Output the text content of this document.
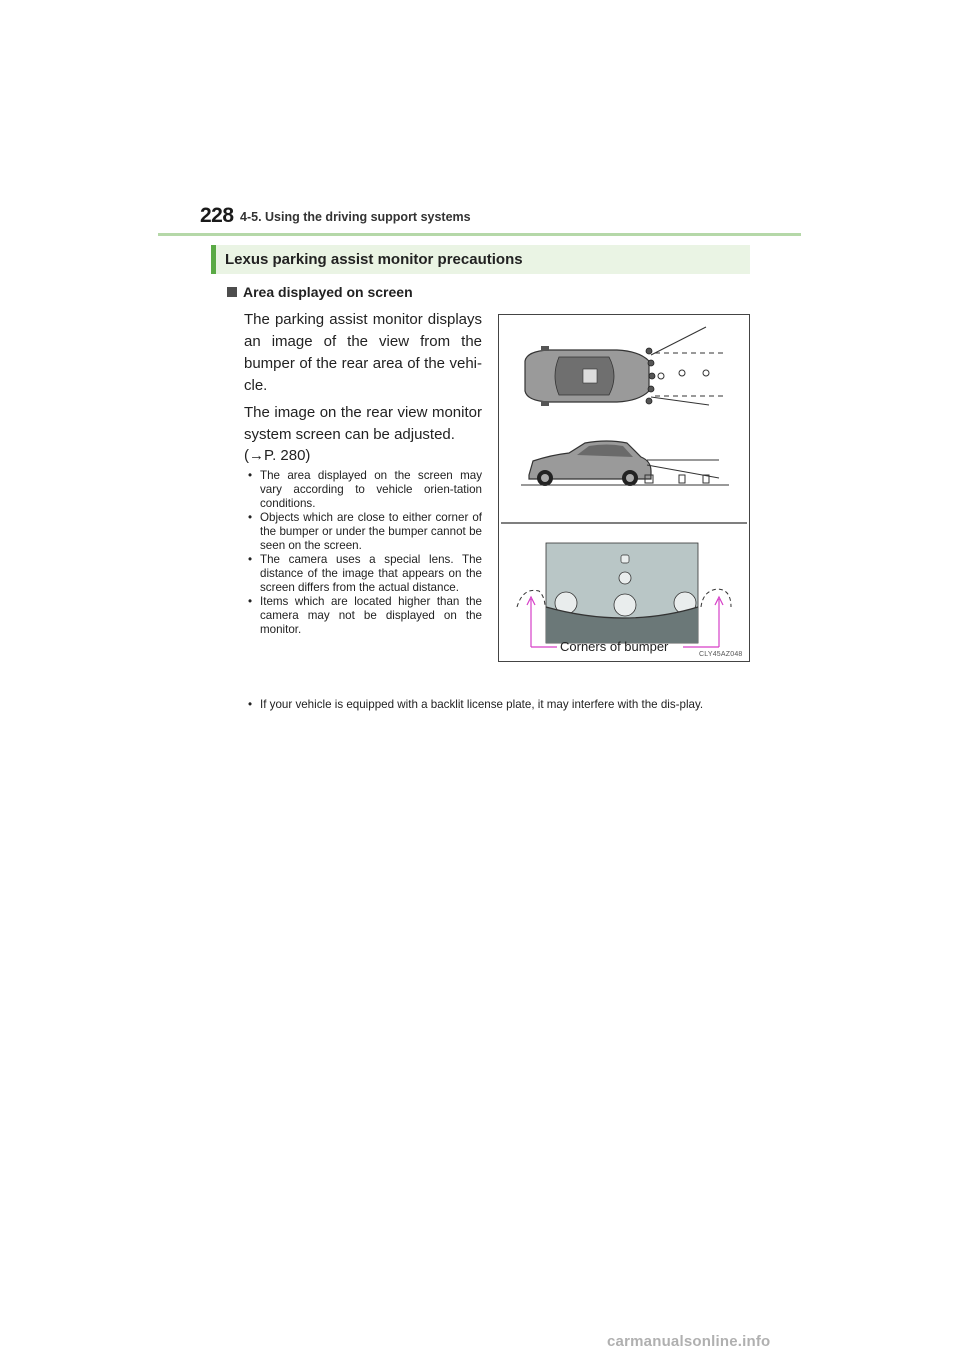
228 4-5. Using the driving support systems
Lexus parking assist monitor precautions
Area displayed on screen
The parking assist monitor displays an image of the view from the bumper of the rear area of the vehi-cle.
The image on the rear view monitor system screen can be adjusted.
(→P. 280)
• The area displayed on the screen may vary according to vehicle orien-tation conditions.
• Objects which are close to either corner of the bumper or under the bumper cannot be seen on the screen.
• The camera uses a special lens. The distance of the image that appears on the screen differs from the actual distance.
• Items which are located higher than the camera may not be displayed on the monitor.
• If your vehicle is equipped with a backlit license plate, it may interfere with the dis-play.
Corners of bumper
CLY45AZ048
carmanualsonline.info
